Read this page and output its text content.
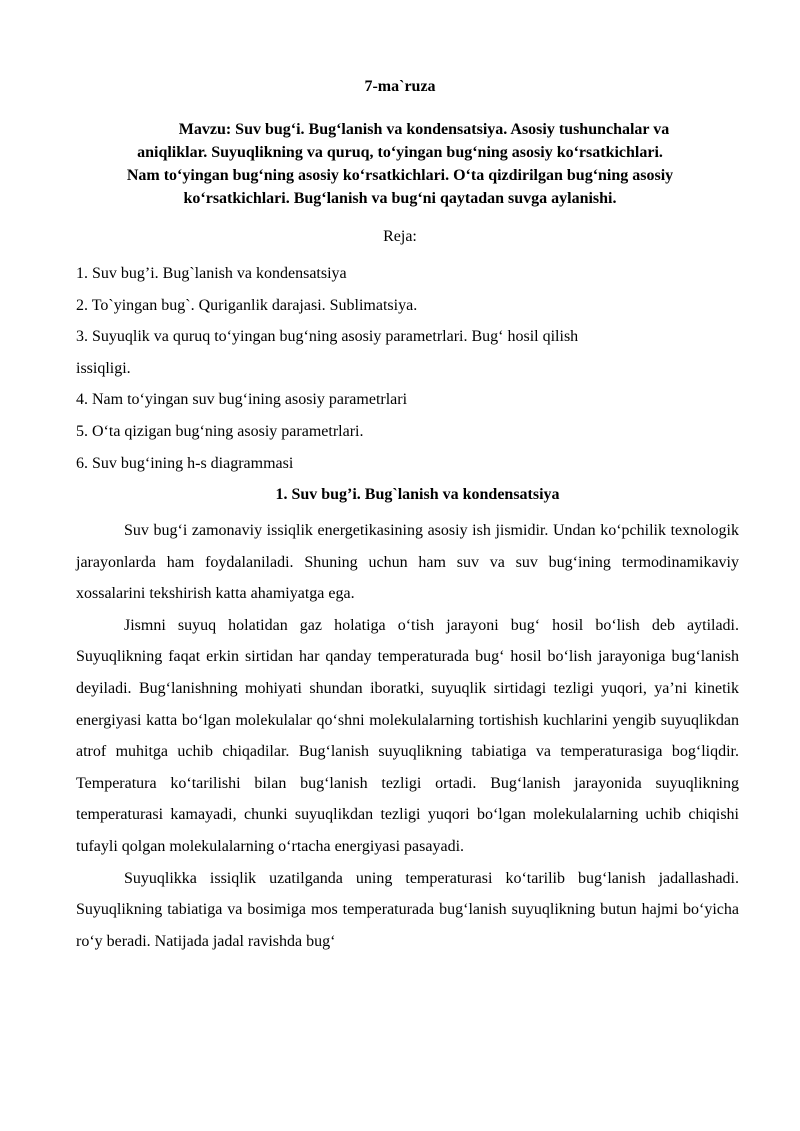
7-ma`ruza
Mavzu: Suv bug‘i. Bug‘lanish va kondensatsiya. Asosiy tushunchalar va
aniqliklar. Suyuqlikning va quruq, to‘yingan bug‘ning asosiy ko‘rsatkichlari.
Nam to‘yingan bug‘ning asosiy ko‘rsatkichlari. O‘ta qizdirilgan bug‘ning asosiy
ko‘rsatkichlari. Bug‘lanish va bug‘ni qaytadan suvga aylanishi.
Reja:
1. Suv bug’i. Bug`lanish va kondensatsiya
2. To`yingan bug`. Quriganlik darajasi. Sublimatsiya.
3. Suyuqlik va quruq to‘yingan bug‘ning asosiy parametrlari. Bug‘ hosil qilish
issiqligi.
4. Nam to‘yingan suv bug‘ining asosiy parametrlari
5. O‘ta qizigan bug‘ning asosiy parametrlari.
6. Suv bug‘ining h-s diagrammasi
1. Suv bug’i. Bug`lanish va kondensatsiya

Suv bug‘i zamonaviy issiqlik energetikasining asosiy ish jismidir. Undan ko‘pchilik texnologik jarayonlarda ham foydalaniladi. Shuning uchun ham suv va suv bug‘ining termodinamikaviy xossalarini tekshirish katta ahamiyatga ega.

Jismni suyuq holatidan gaz holatiga o‘tish jarayoni bug‘ hosil bo‘lish deb aytiladi. Suyuqlikning faqat erkin sirtidan har qanday temperaturada bug‘ hosil bo‘lish jarayoniga bug‘lanish deyiladi. Bug‘lanishning mohiyati shundan iboratki, suyuqlik sirtidagi tezligi yuqori, ya’ni kinetik energiyasi katta bo‘lgan molekulalar qo‘shni molekulalarning tortishish kuchlarini yengib suyuqlikdan atrof muhitga uchib chiqadilar. Bug‘lanish suyuqlikning tabiatiga va temperaturasiga bog‘liqdir. Temperatura ko‘tarilishi bilan bug‘lanish tezligi ortadi. Bug‘lanish jarayonida suyuqlikning temperaturasi kamayadi, chunki suyuqlikdan tezligi yuqori bo‘lgan molekulalarning uchib chiqishi tufayli qolgan molekulalarning o‘rtacha energiyasi pasayadi.

Suyuqlikka issiqlik uzatilganda uning temperaturasi ko‘tarilib bug‘lanish jadallashadi. Suyuqlikning tabiatiga va bosimiga mos temperaturada bug‘lanish suyuqlikning butun hajmi bo‘yicha ro‘y beradi. Natijada jadal ravishda bug‘
